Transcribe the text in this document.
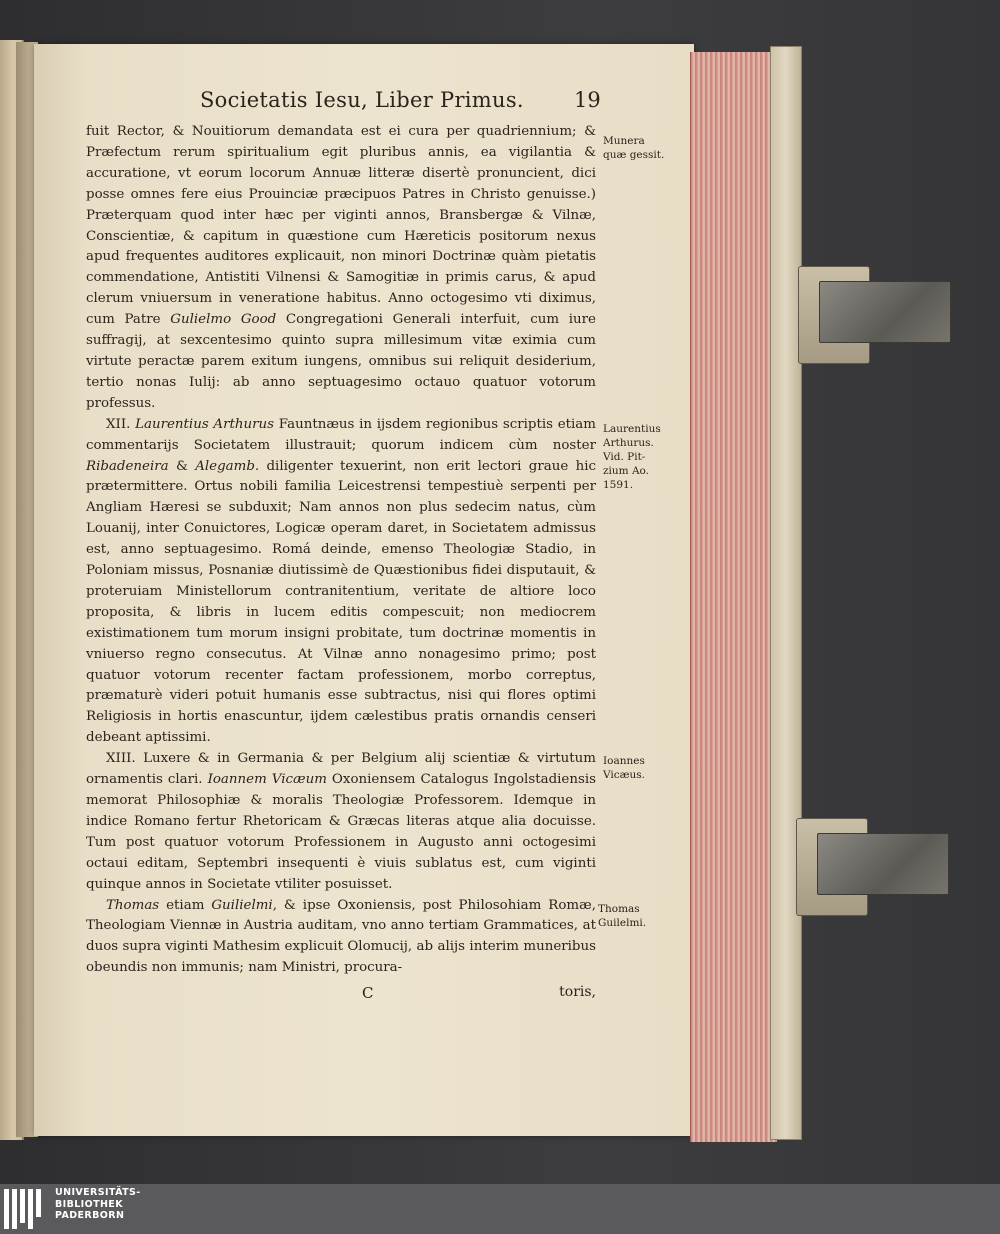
Societatis Iesu, Liber Primus. 19

fuit Rector, & Nouitiorum demandata est ei cura per quadriennium; & Præfectum rerum spiritualium egit pluribus annis, ea vigilantia & accuratione, vt eorum locorum Annuæ litteræ disertè pronuncient, dici posse omnes fere eius Prouinciæ præcipuos Patres in Christo genuisse.) Præterquam quod inter hæc per viginti annos, Bransbergæ & Vilnæ, Conscientiæ, & capitum in quæstione cum Hæreticis positorum nexus apud frequentes auditores explicauit, non minori Doctrinæ quàm pietatis commendatione, Antistiti Vilnensi & Samogitiæ in primis carus, & apud clerum vniuersum in veneratione habitus. Anno octogesimo vti diximus, cum Patre Gulielmo Good Congregationi Generali interfuit, cum iure suffragij, at sexcentesimo quinto supra millesimum vitæ eximia cum virtute peractæ parem exitum iungens, omnibus sui reliquit desiderium, tertio nonas Iulij: ab anno septuagesimo octauo quatuor votorum professus.

XII. Laurentius Arthurus Fauntnæus in ijsdem regionibus scriptis etiam commentarijs Societatem illustrauit; quorum indicem cùm noster Ribadeneira & Alegamb. diligenter texuerint, non erit lectori graue hic prætermittere. Ortus nobili familia Leicestrensi tempestiuè serpenti per Angliam Hæresi se subduxit; Nam annos non plus sedecim natus, cùm Louanij, inter Conuictores, Logicæ operam daret, in Societatem admissus est, anno septuagesimo. Romá deinde, emenso Theologiæ Stadio, in Poloniam missus, Posnaniæ diutissimè de Quæstionibus fidei disputauit, & proteruiam Ministellorum contranitentium, veritate de altiore loco proposita, & libris in lucem editis compescuit; non mediocrem existimationem tum morum insigni probitate, tum doctrinæ momentis in vniuerso regno consecutus. At Vilnæ anno nonagesimo primo; post quatuor votorum recenter factam professionem, morbo correptus, præmaturè videri potuit humanis esse subtractus, nisi qui flores optimi Religiosis in hortis enascuntur, ijdem cælestibus pratis ornandis censeri debeant aptissimi.

XIII. Luxere & in Germania & per Belgium alij scientiæ & virtutum ornamentis clari. Ioannem Vicæum Oxoniensem Catalogus Ingolstadiensis memorat Philosophiæ & moralis Theologiæ Professorem. Idemque in indice Romano fertur Rhetoricam & Græcas literas atque alia docuisse. Tum post quatuor votorum Professionem in Augusto anni octogesimi octaui editam, Septembri insequenti è viuis sublatus est, cum viginti quinque annos in Societate vtiliter posuisset.

Thomas etiam Guilielmi, & ipse Oxoniensis, post Philosohiam Romæ, Theologiam Viennæ in Austria auditam, vno anno tertiam Grammatices, at duos supra viginti Mathesim explicuit Olomucij, ab alijs interim muneribus obeundis non immunis; nam Ministri, procura-

C	toris,
Munera
quæ gessit.
Laurentius
Arthurus.
Vid. Pit-
zium Ao.
1591.
Ioannes
Vicæus.
Thomas
Guilelmi.
UNIVERSITÄTS-
BIBLIOTHEK
PADERBORN
